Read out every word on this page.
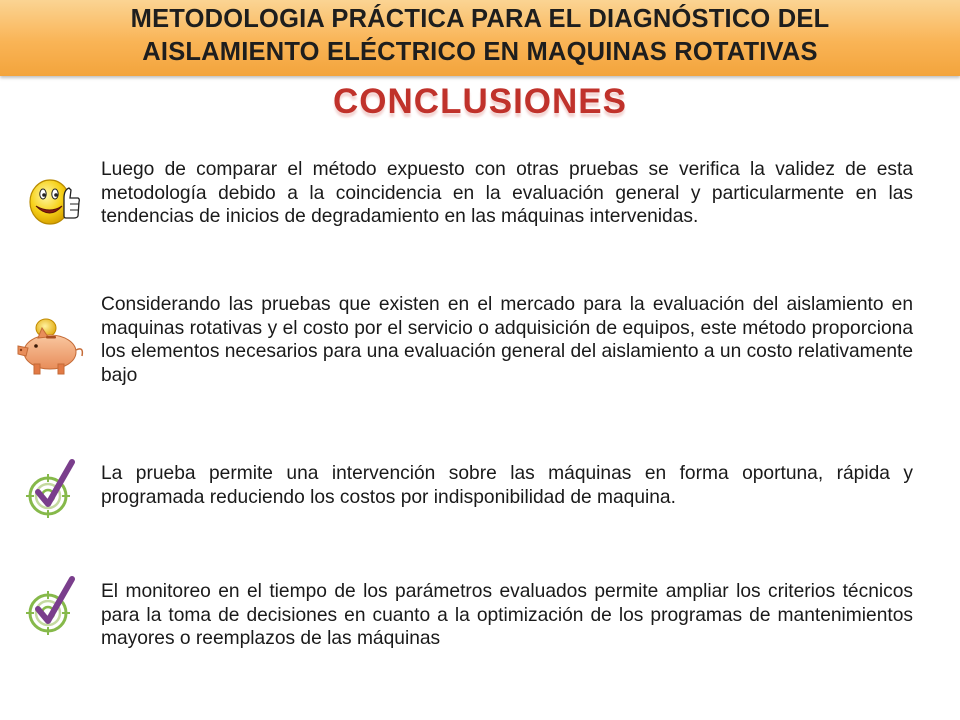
METODOLOGIA PRÁCTICA PARA EL DIAGNÓSTICO DEL
AISLAMIENTO ELÉCTRICO EN MAQUINAS ROTATIVAS
CONCLUSIONES

Luego de comparar el método expuesto con otras pruebas se verifica la validez de esta metodología debido a la coincidencia en la evaluación general y particularmente en las tendencias de inicios de degradamiento en las máquinas intervenidas.

Considerando las pruebas que existen en el mercado para la evaluación del aislamiento en maquinas rotativas y el costo por el servicio o adquisición de equipos, este método proporciona los elementos necesarios para una evaluación general del aislamiento a un costo relativamente bajo

La prueba permite una intervención sobre las máquinas en forma oportuna, rápida y programada reduciendo los costos por indisponibilidad de maquina.

El monitoreo en el tiempo de los parámetros evaluados permite ampliar los criterios técnicos para la toma de decisiones en cuanto a la optimización de los programas de mantenimientos mayores o reemplazos de las máquinas
